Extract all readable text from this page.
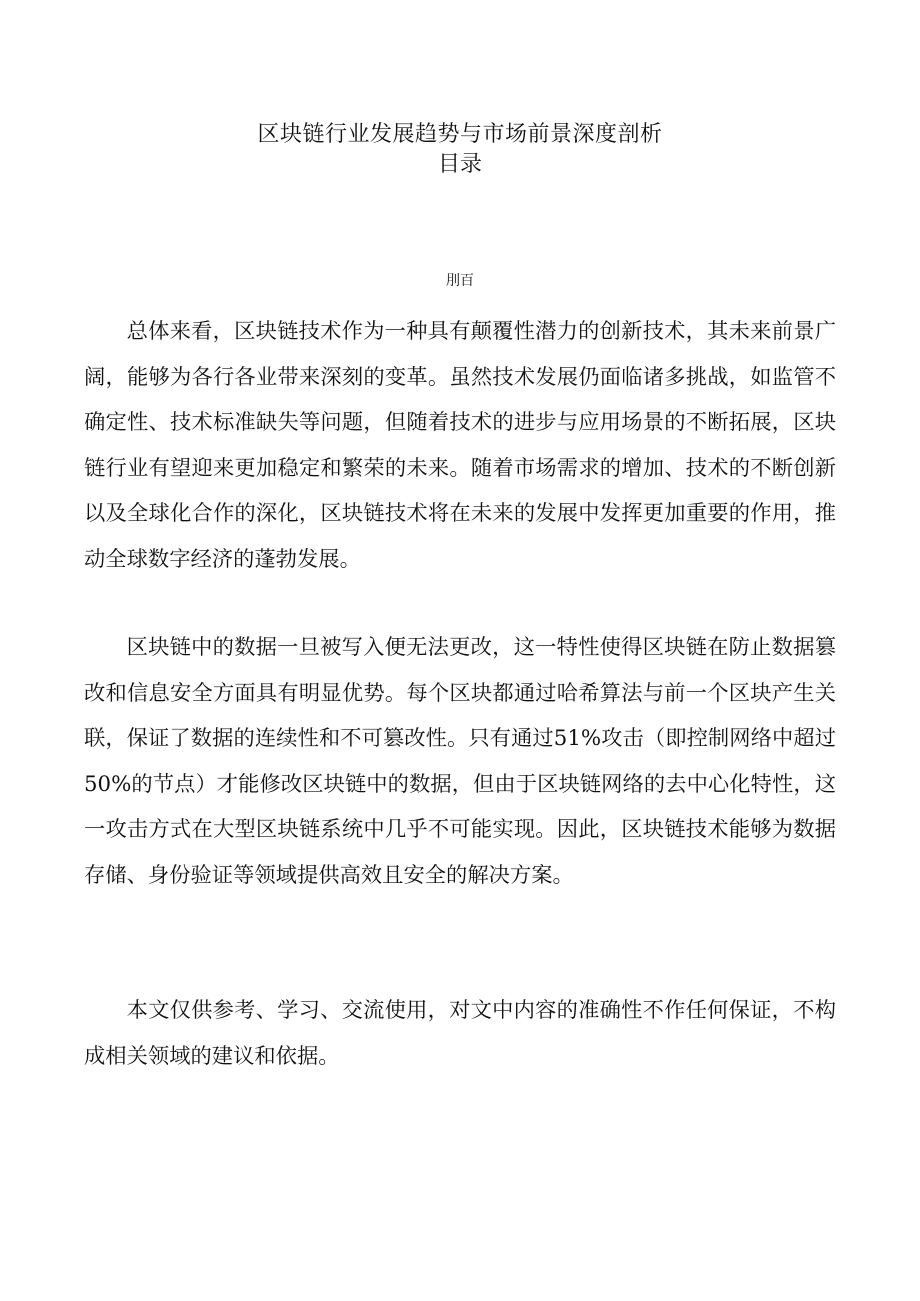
区块链行业发展趋势与市场前景深度剖析
目录
刖百

总体来看，区块链技术作为一种具有颠覆性潜力的创新技术，其未来前景广阔，能够为各行各业带来深刻的变革。虽然技术发展仍面临诸多挑战，如监管不确定性、技术标准缺失等问题，但随着技术的进步与应用场景的不断拓展，区块链行业有望迎来更加稳定和繁荣的未来。随着市场需求的增加、技术的不断创新以及全球化合作的深化，区块链技术将在未来的发展中发挥更加重要的作用，推动全球数字经济的蓬勃发展。

区块链中的数据一旦被写入便无法更改，这一特性使得区块链在防止数据篡改和信息安全方面具有明显优势。每个区块都通过哈希算法与前一个区块产生关联，保证了数据的连续性和不可篡改性。只有通过51%攻击（即控制网络中超过50%的节点）才能修改区块链中的数据，但由于区块链网络的去中心化特性，这一攻击方式在大型区块链系统中几乎不可能实现。因此，区块链技术能够为数据存储、身份验证等领域提供高效且安全的解决方案。

本文仅供参考、学习、交流使用，对文中内容的准确性不作任何保证，不构成相关领域的建议和依据。
